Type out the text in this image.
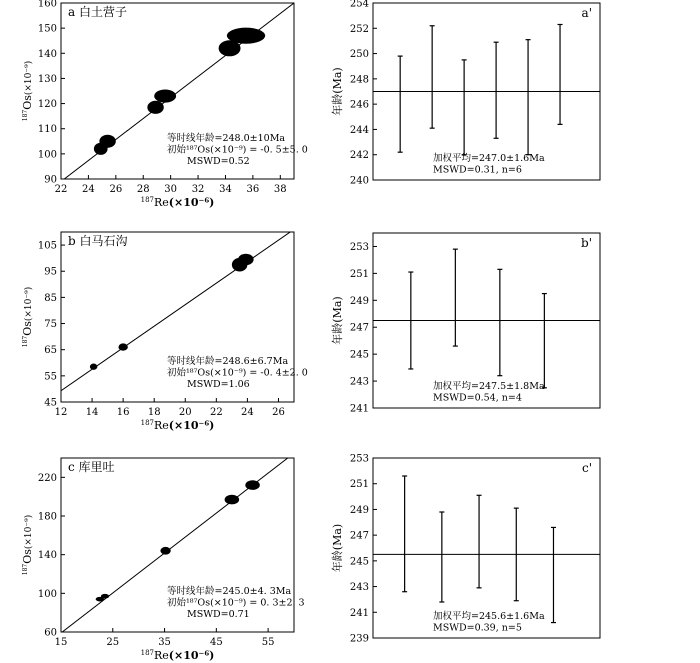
90
100
110
120
130
140
150
160
22 24 26 28 30 32 34 36 38
a 白土营子
等时线年龄=248.0±10Ma
初始¹⁸⁷Os(×10⁻⁹) = -0. 5±5. 0
MSWD=0.52
$^{187}$Re(×10⁻⁶)
$^{187}$Os(×10⁻⁹)
240
242
244
246
248
250
252
254
a'
加权平均=247.0±1.6Ma
MSWD=0.31, n=6
年龄(Ma)
45
55
65
75
85
95
105
12 14 16 18 20 22 24 26
b 白马石沟
等时线年龄=248.6±6.7Ma
初始¹⁸⁷Os(×10⁻⁹) = -0. 4±2. 0
MSWD=1.06
$^{187}$Re(×10⁻⁶)
$^{187}$Os(×10⁻⁹)
241
243
245
247
249
251
253	b'
加权平均=247.5±1.8Ma
MSWD=0.54, n=4
年龄(Ma)
60
100
140
180
220
15	25	35	45	55
c 库里吐
等时线年龄=245.0±4. 3Ma
初始¹⁸⁷Os(×10⁻⁹) = 0. 3±2. 3
MSWD=0.71
$^{187}$Re(×10⁻⁶)
$^{187}$Os(×10⁻⁹)
239
241
243
245
247
249
251
253
c'
加权平均=245.6±1.6Ma
MSWD=0.39, n=5
年龄(Ma)
